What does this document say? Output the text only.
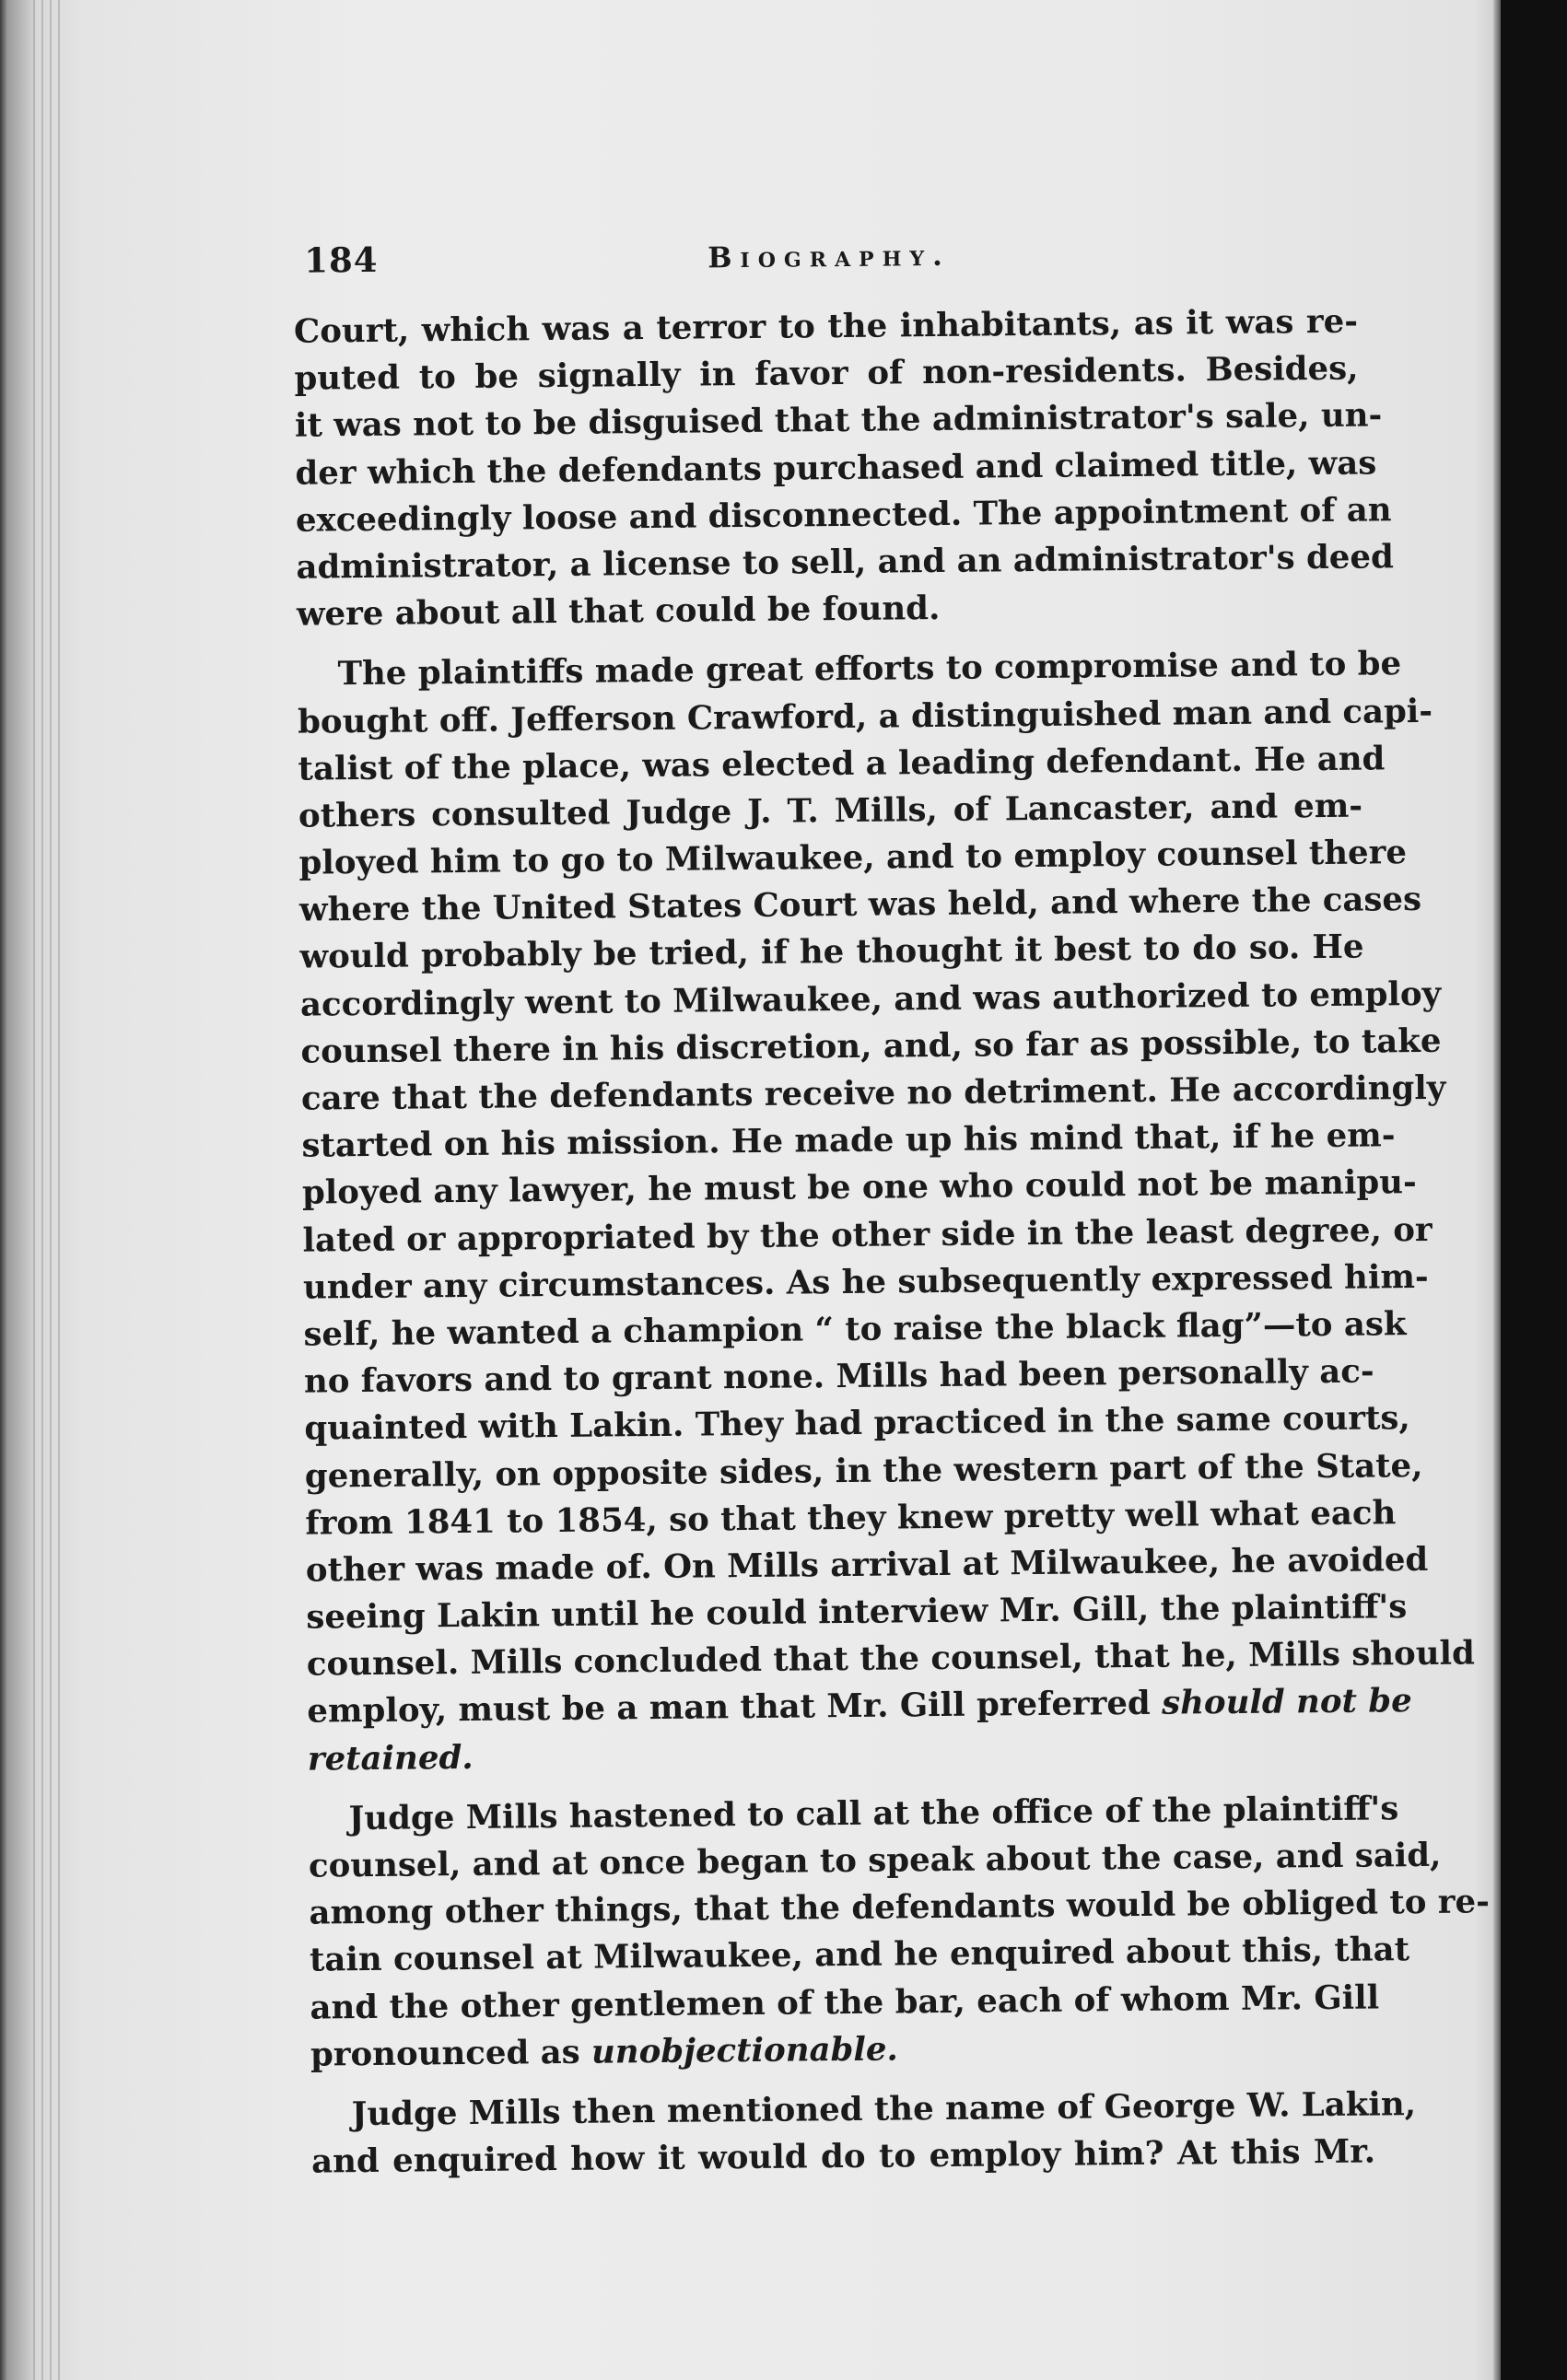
184	Biography.
Court, which was a terror to the inhabitants, as it was re-
puted to be signally in favor of non-residents. Besides,
it was not to be disguised that the administrator's sale, un-
der which the defendants purchased and claimed title, was
exceedingly loose and disconnected. The appointment of an
administrator, a license to sell, and an administrator's deed
were about all that could be found.
The plaintiffs made great efforts to compromise and to be
bought off. Jefferson Crawford, a distinguished man and capi-
talist of the place, was elected a leading defendant. He and
others consulted Judge J. T. Mills, of Lancaster, and em-
ployed him to go to Milwaukee, and to employ counsel there
where the United States Court was held, and where the cases
would probably be tried, if he thought it best to do so. He
accordingly went to Milwaukee, and was authorized to employ
counsel there in his discretion, and, so far as possible, to take
care that the defendants receive no detriment. He accordingly
started on his mission. He made up his mind that, if he em-
ployed any lawyer, he must be one who could not be manipu-
lated or appropriated by the other side in the least degree, or
under any circumstances. As he subsequently expressed him-
self, he wanted a champion “ to raise the black flag”—to ask
no favors and to grant none. Mills had been personally ac-
quainted with Lakin. They had practiced in the same courts,
generally, on opposite sides, in the western part of the State,
from 1841 to 1854, so that they knew pretty well what each
other was made of. On Mills arrival at Milwaukee, he avoided
seeing Lakin until he could interview Mr. Gill, the plaintiff's
counsel. Mills concluded that the counsel, that he, Mills should
employ, must be a man that Mr. Gill preferred should not be
retained.
Judge Mills hastened to call at the office of the plaintiff's
counsel, and at once began to speak about the case, and said,
among other things, that the defendants would be obliged to re-
tain counsel at Milwaukee, and he enquired about this, that
and the other gentlemen of the bar, each of whom Mr. Gill
pronounced as unobjectionable.
Judge Mills then mentioned the name of George W. Lakin,
and enquired how it would do to employ him? At this Mr.
